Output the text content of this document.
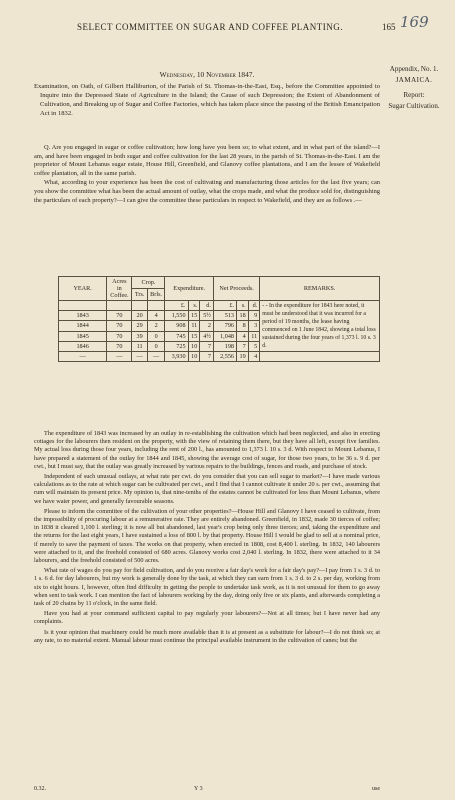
SELECT COMMITTEE ON SUGAR AND COFFEE PLANTING.	165 169
Appendix, No. 1.
JAMAICA.
Report:
Sugar Cultivation.
Wednesday, 10 November 1847.
Examination, on Oath, of Gilbert Halliburton, of the Parish of St. Thomas-in-the-East, Esq., before the Committee appointed to Inquire into the Depressed State of Agriculture in the Island; the Cause of such Depression; the Extent of Abandonment of Cultivation, and Breaking up of Sugar and Coffee Factories, which has taken place since the passing of the British Emancipation Act in 1832.

Q. Are you engaged in sugar or coffee cultivation; how long have you been so; to what extent, and in what part of the island?—I am, and have been engaged in both sugar and coffee cultivation for the last 28 years, in the parish of St. Thomas-in-the-East. I am the proprietor of Mount Lebanus sugar estate, House Hill, Greenfield, and Glanovy coffee plantations, and I am the lessee of Wakefield coffee plantation, all in the same parish.

What, according to your experience has been the cost of cultivating and manufacturing those articles for the last five years; can you show the committee what has been the actual amount of outlay, what the crops made, and what the produce sold for, distinguishing the particulars of each property?—I can give the committee these particulars in respect to Wakefield, and they are as follows .—

YEAR.	Acres in Coffee.	Crop.		Expenditure.			Net Proceeds.			REMARKS.
		Trs.	Brls.							
				£.	s.	d.	£.	s.	d.	- - In the expenditure for 1843 here noted, it must be understood that it was incurred for a period of 19 months, the lease having commenced on 1 June 1842, showing a total loss sustained during the four years of 1,373 l. 10 s. 3 d.
1843	70	20	4	1,550	15	5½	513	18	9	
1844	70	29	2	908	11	2	796	8	3	
1845	70	39	0	745	15	4½	1,048	4	11	
1846	70	11	0	725	10	7	198	7	5	
—	—	—	—	3,930	10	7	2,556	19	4	

The expenditure of 1843 was increased by an outlay in re-establishing the cultivation which had been neglected, and also in erecting cottages for the labourers then resident on the property, with the view of retaining them there, but they have all left, except five families. My actual loss during those four years, including the rent of 200 l., has amounted to 1,373 l. 10 s. 3 d. With respect to Mount Lebanus, I have prepared a statement of the outlay for 1844 and 1845, showing the average cost of sugar, for those two years, to be 36 s. 9 d. per cwt., but I must say, that the outlay was greatly increased by various repairs to the buildings, fences and roads, and purchase of stock.

Independent of such unusual outlays, at what rate per cwt. do you consider that you can sell sugar to market?—I have made various calculations as to the rate at which sugar can be cultivated per cwt., and I find that I cannot cultivate it under 20 s. per cwt., assuming that rum will maintain its present price. My opinion is, that nine-tenths of the estates cannot be cultivated for less than Mount Lebanus, where we have water power, and generally favourable seasons.

Please to inform the committee of the cultivation of your other properties?—House Hill and Glanovy I have ceased to cultivate, from the impossibility of procuring labour at a remunerative rate. They are entirely abandoned. Greenfield, in 1832, made 30 tierces of coffee; in 1838 it cleared 1,100 l. sterling; it is now all but abandoned, last year's crop being only three tierces; and, taking the expenditure and the returns for the last eight years, I have sustained a loss of 800 l. by that property. House Hill I would be glad to sell at a nominal price, if merely to save the payment of taxes. The works on that property, when erected in 1808, cost 8,400 l. sterling. In 1832, 140 labourers were attached to it, and the freehold consisted of 680 acres. Glanovy works cost 2,040 l. sterling. In 1832, there were attached to it 34 labourers, and the freehold consisted of 500 acres.

What rate of wages do you pay for field cultivation, and do you receive a fair day's work for a fair day's pay?—I pay from 1 s. 3 d. to 1 s. 6 d. for day labourers, but my work is generally done by the task, at which they can earn from 1 s. 3 d. to 2 s. per day, working from six to eight hours. I, however, often find difficulty in getting the people to undertake task work, as it is not unusual for them to go away when sent to task work. I can mention the fact of labourers working by the day, doing only five or six plants, and afterwards completing a task of 20 chains by 11 o'clock, in the same field.

Have you had at your command sufficient capital to pay regularly your labourers?—Not at all times; but I have never had any complaints.

Is it your opinion that machinery could be much more available than it is at present as a substitute for labour?—I do not think so; at any rate, to no material extent. Manual labour must continue the principal available instrument in the cultivation of canes; but the

0.32.	Y 3	use
